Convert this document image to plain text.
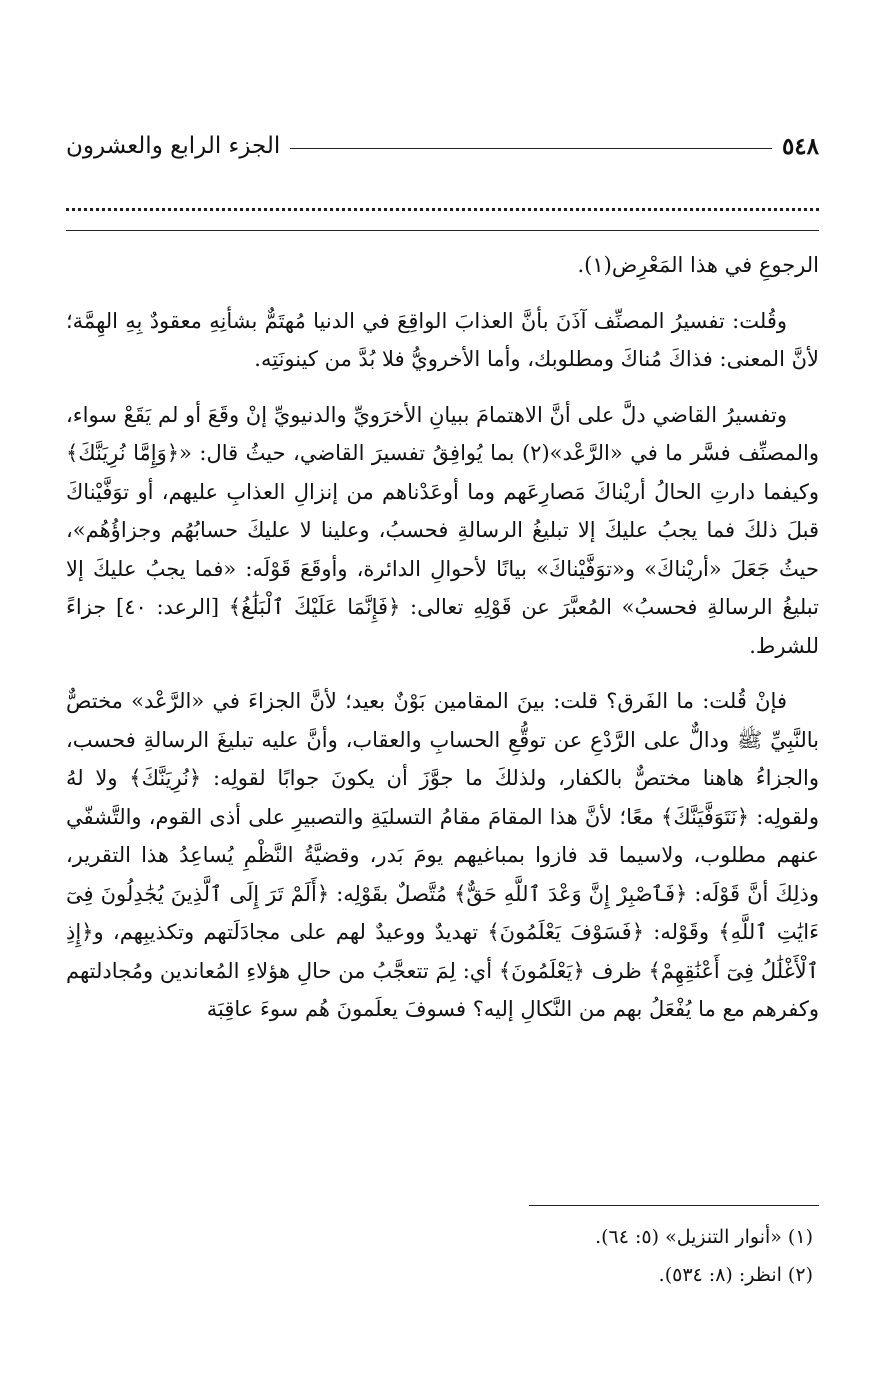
٥٤٨
الجزء الرابع والعشرون

الرجوعِ في هذا المَعْرِض(١).

وقُلت: تفسيرُ المصنِّف آذَنَ بأنَّ العذابَ الواقِعَ في الدنيا مُهتَمٌّ بشأنِهِ معقودٌ بِهِ الهِمَّة؛ لأنَّ المعنى: فذاكَ مُناكَ ومطلوبك، وأما الأخرويُّ فلا بُدَّ من كينونَتِه.

وتفسيرُ القاضي دلَّ على أنَّ الاهتمامَ ببيانِ الأخرَويِّ والدنيويِّ إنْ وقَعَ أو لم يَقَعْ سواء، والمصنِّف فسَّر ما في «الرَّعْد»(٢) بما يُوافِقُ تفسيرَ القاضي، حيثُ قال: «﴿وَإِمَّا نُرِيَنَّكَ﴾ وكيفما دارتِ الحالُ أريْناكَ مَصارِعَهم وما أوعَدْناهم من إنزالِ العذابِ عليهم، أو توَفَّيْناكَ قبلَ ذلكَ فما يجبُ عليكَ إلا تبليغُ الرسالةِ فحسبُ، وعلينا لا عليكَ حسابُهُم وجزاؤُهُم»، حيثُ جَعَلَ «أريْناكَ» و«توَفَّيْناكَ» بيانًا لأحوالِ الدائرة، وأوقَعَ قَوْلَه: «فما يجبُ عليكَ إلا تبليغُ الرسالةِ فحسبُ» المُعبَّرَ عن قَوْلِهِ تعالى: ﴿فَإِنَّمَا عَلَيْكَ ٱلْبَلَٰغُ﴾ [الرعد: ٤٠] جزاءً للشرط.

فإنْ قُلت: ما الفَرق؟ قلت: بينَ المقامين بَوْنٌ بعيد؛ لأنَّ الجزاءَ في «الرَّعْد» مختصٌّ بالنَّبِيِّ ﷺ ودالٌّ على الرَّدْعِ عن توقُّعِ الحسابِ والعقاب، وأنَّ عليه تبليغَ الرسالةِ فحسب، والجزاءُ هاهنا مختصٌّ بالكفار، ولذلكَ ما جوَّزَ أن يكونَ جوابًا لقولِه: ﴿نُرِيَنَّكَ﴾ ولا لهُ ولقولِه: ﴿نَتَوَفَّيَنَّكَ﴾ معًا؛ لأنَّ هذا المقامَ مقامُ التسليَةِ والتصبيرِ على أذى القوم، والتَّشفّي عنهم مطلوب، ولاسيما قد فازوا بمباغيهم يومَ بَدر، وقضيَّةُ النَّظْمِ يُساعِدُ هذا التقرير، وذلِكَ أنَّ قَوْلَه: ﴿فَٱصْبِرْ إِنَّ وَعْدَ ٱللَّهِ حَقٌّ﴾ مُتَّصلٌ بقَوْلِه: ﴿أَلَمْ تَرَ إِلَى ٱلَّذِينَ يُجَٰدِلُونَ فِىٓ ءَايَٰتِ ٱللَّهِ﴾ وقَوْله: ﴿فَسَوْفَ يَعْلَمُونَ﴾ تهديدٌ ووعيدٌ لهم على مجادَلَتهم وتكذيبِهم، و﴿إِذِ ٱلْأَغْلَٰلُ فِىٓ أَعْنَٰقِهِمْ﴾ ظرف ﴿يَعْلَمُونَ﴾ أي: لِمَ تتعجَّبُ من حالِ هؤلاءِ المُعاندين ومُجادلتهم وكفرهم مع ما يُفْعَلُ بهم من النَّكالِ إليه؟ فسوفَ يعلَمونَ هُم سوءَ عاقِبَة

(١) «أنوار التنزيل» (٥: ٦٤).
(٢) انظر: (٨: ٥٣٤).
